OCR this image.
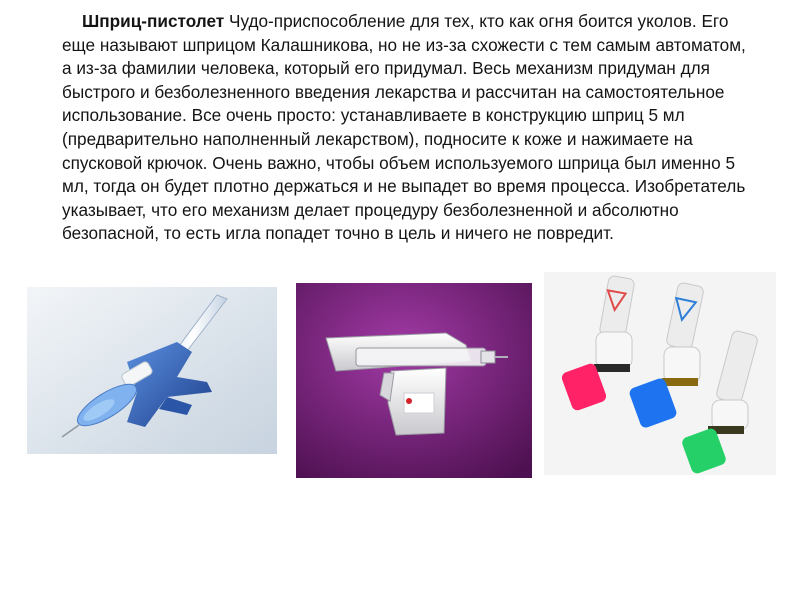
Шприц-пистолет Чудо-приспособление для тех, кто как огня боится уколов. Его еще называют шприцом Калашникова, но не из-за схожести с тем самым автоматом, а из-за фамилии человека, который его придумал. Весь механизм придуман для быстрого и безболезненного введения лекарства и рассчитан на самостоятельное использование. Все очень просто: устанавливаете в конструкцию шприц 5 мл (предварительно наполненный лекарством), подносите к коже и нажимаете на спусковой крючок. Очень важно, чтобы объем используемого шприца был именно 5 мл, тогда он будет плотно держаться и не выпадет во время процесса. Изобретатель указывает, что его механизм делает процедуру безболезненной и абсолютно безопасной, то есть игла попадет точно в цель и ничего не повредит.
